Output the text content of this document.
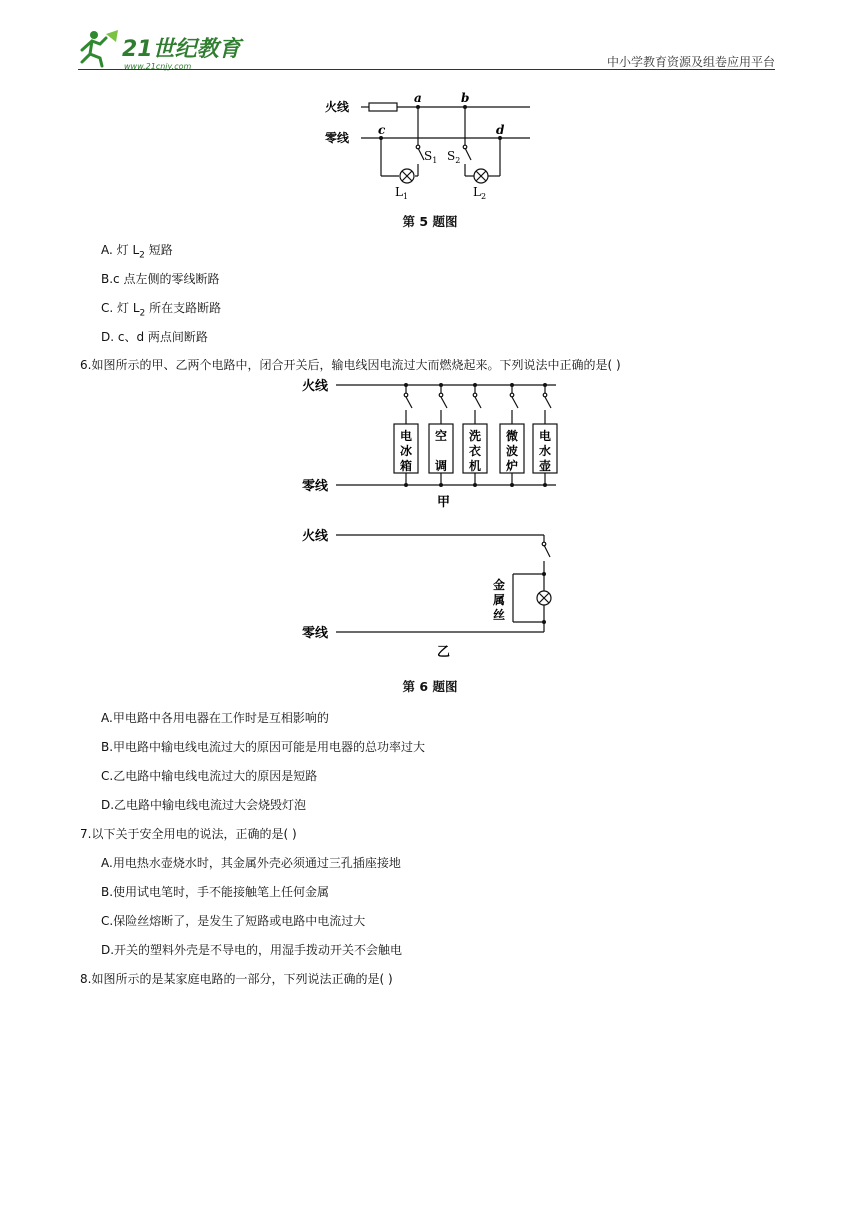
21世纪教育
www.21cnjy.com	中小学教育资源及组卷应用平台
火线
零线
a	b
c	d
$S_1$ $S_2$
$L_1$	$L_2$
第 5 题图
A. 灯 $L_2$ 短路
B.c 点左侧的零线断路
C. 灯 $L_2$ 所在支路断路
D. c、d 两点间断路
6.如图所示的甲、乙两个电路中，闭合开关后，输电线因电流过大而燃烧起来。下列说法中正确的是( )
电
冰
箱
空
调
洗
衣
机
微
波
炉
电
水
壶
火线
零线
甲
火线
零线
金
属
丝
乙
第 6 题图
A.甲电路中各用电器在工作时是互相影响的
B.甲电路中输电线电流过大的原因可能是用电器的总功率过大
C.乙电路中输电线电流过大的原因是短路
D.乙电路中输电线电流过大会烧毁灯泡
7.以下关于安全用电的说法，正确的是( )
A.用电热水壶烧水时，其金属外壳必须通过三孔插座接地
B.使用试电笔时，手不能接触笔上任何金属
C.保险丝熔断了，是发生了短路或电路中电流过大
D.开关的塑料外壳是不导电的，用湿手拨动开关不会触电
8.如图所示的是某家庭电路的一部分，下列说法正确的是( )
